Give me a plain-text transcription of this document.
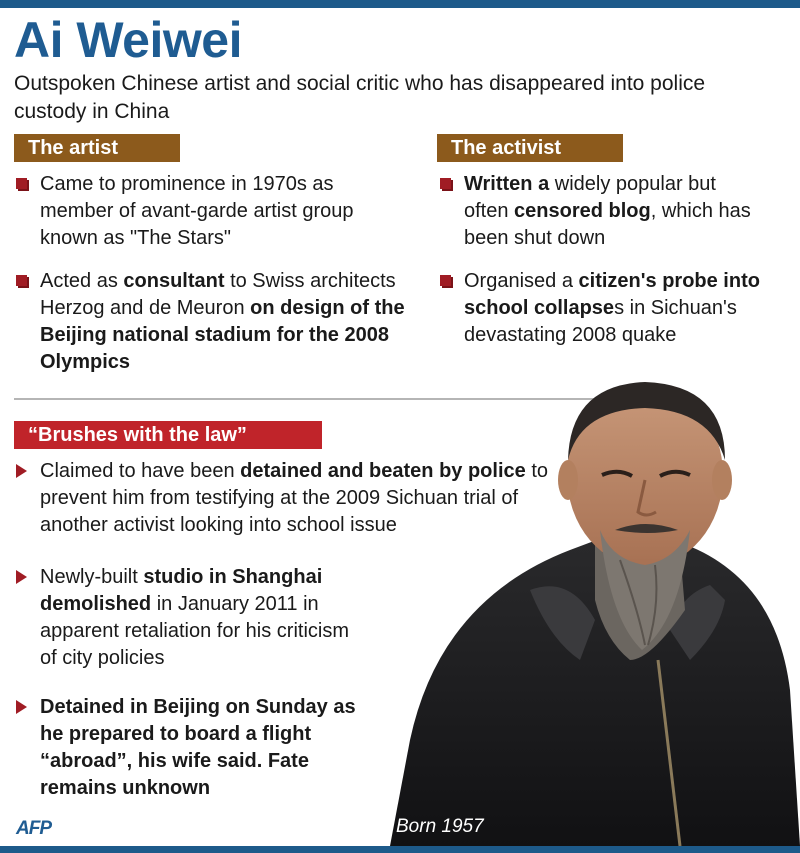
Ai Weiwei
Outspoken Chinese artist and social critic who has disappeared into police custody in China
The artist
Came to prominence in 1970s as member of avant-garde artist group known as "The Stars"
Acted as consultant to Swiss architects Herzog and de Meuron on design of the Beijing national stadium for the 2008 Olympics
The activist
Written a widely popular but often censored blog, which has been shut down
Organised a citizen's probe into school collapses in Sichuan's devastating 2008 quake
“Brushes with the law”
Claimed to have been detained and beaten by police to prevent him from testifying at the 2009 Sichuan trial of another activist looking into school issue
Newly-built studio in Shanghai demolished in January 2011 in apparent retaliation for his criticism of city policies
Detained in Beijing on Sunday as he prepared to board a flight “abroad”, his wife said. Fate remains unknown
Born 1957
AFP
